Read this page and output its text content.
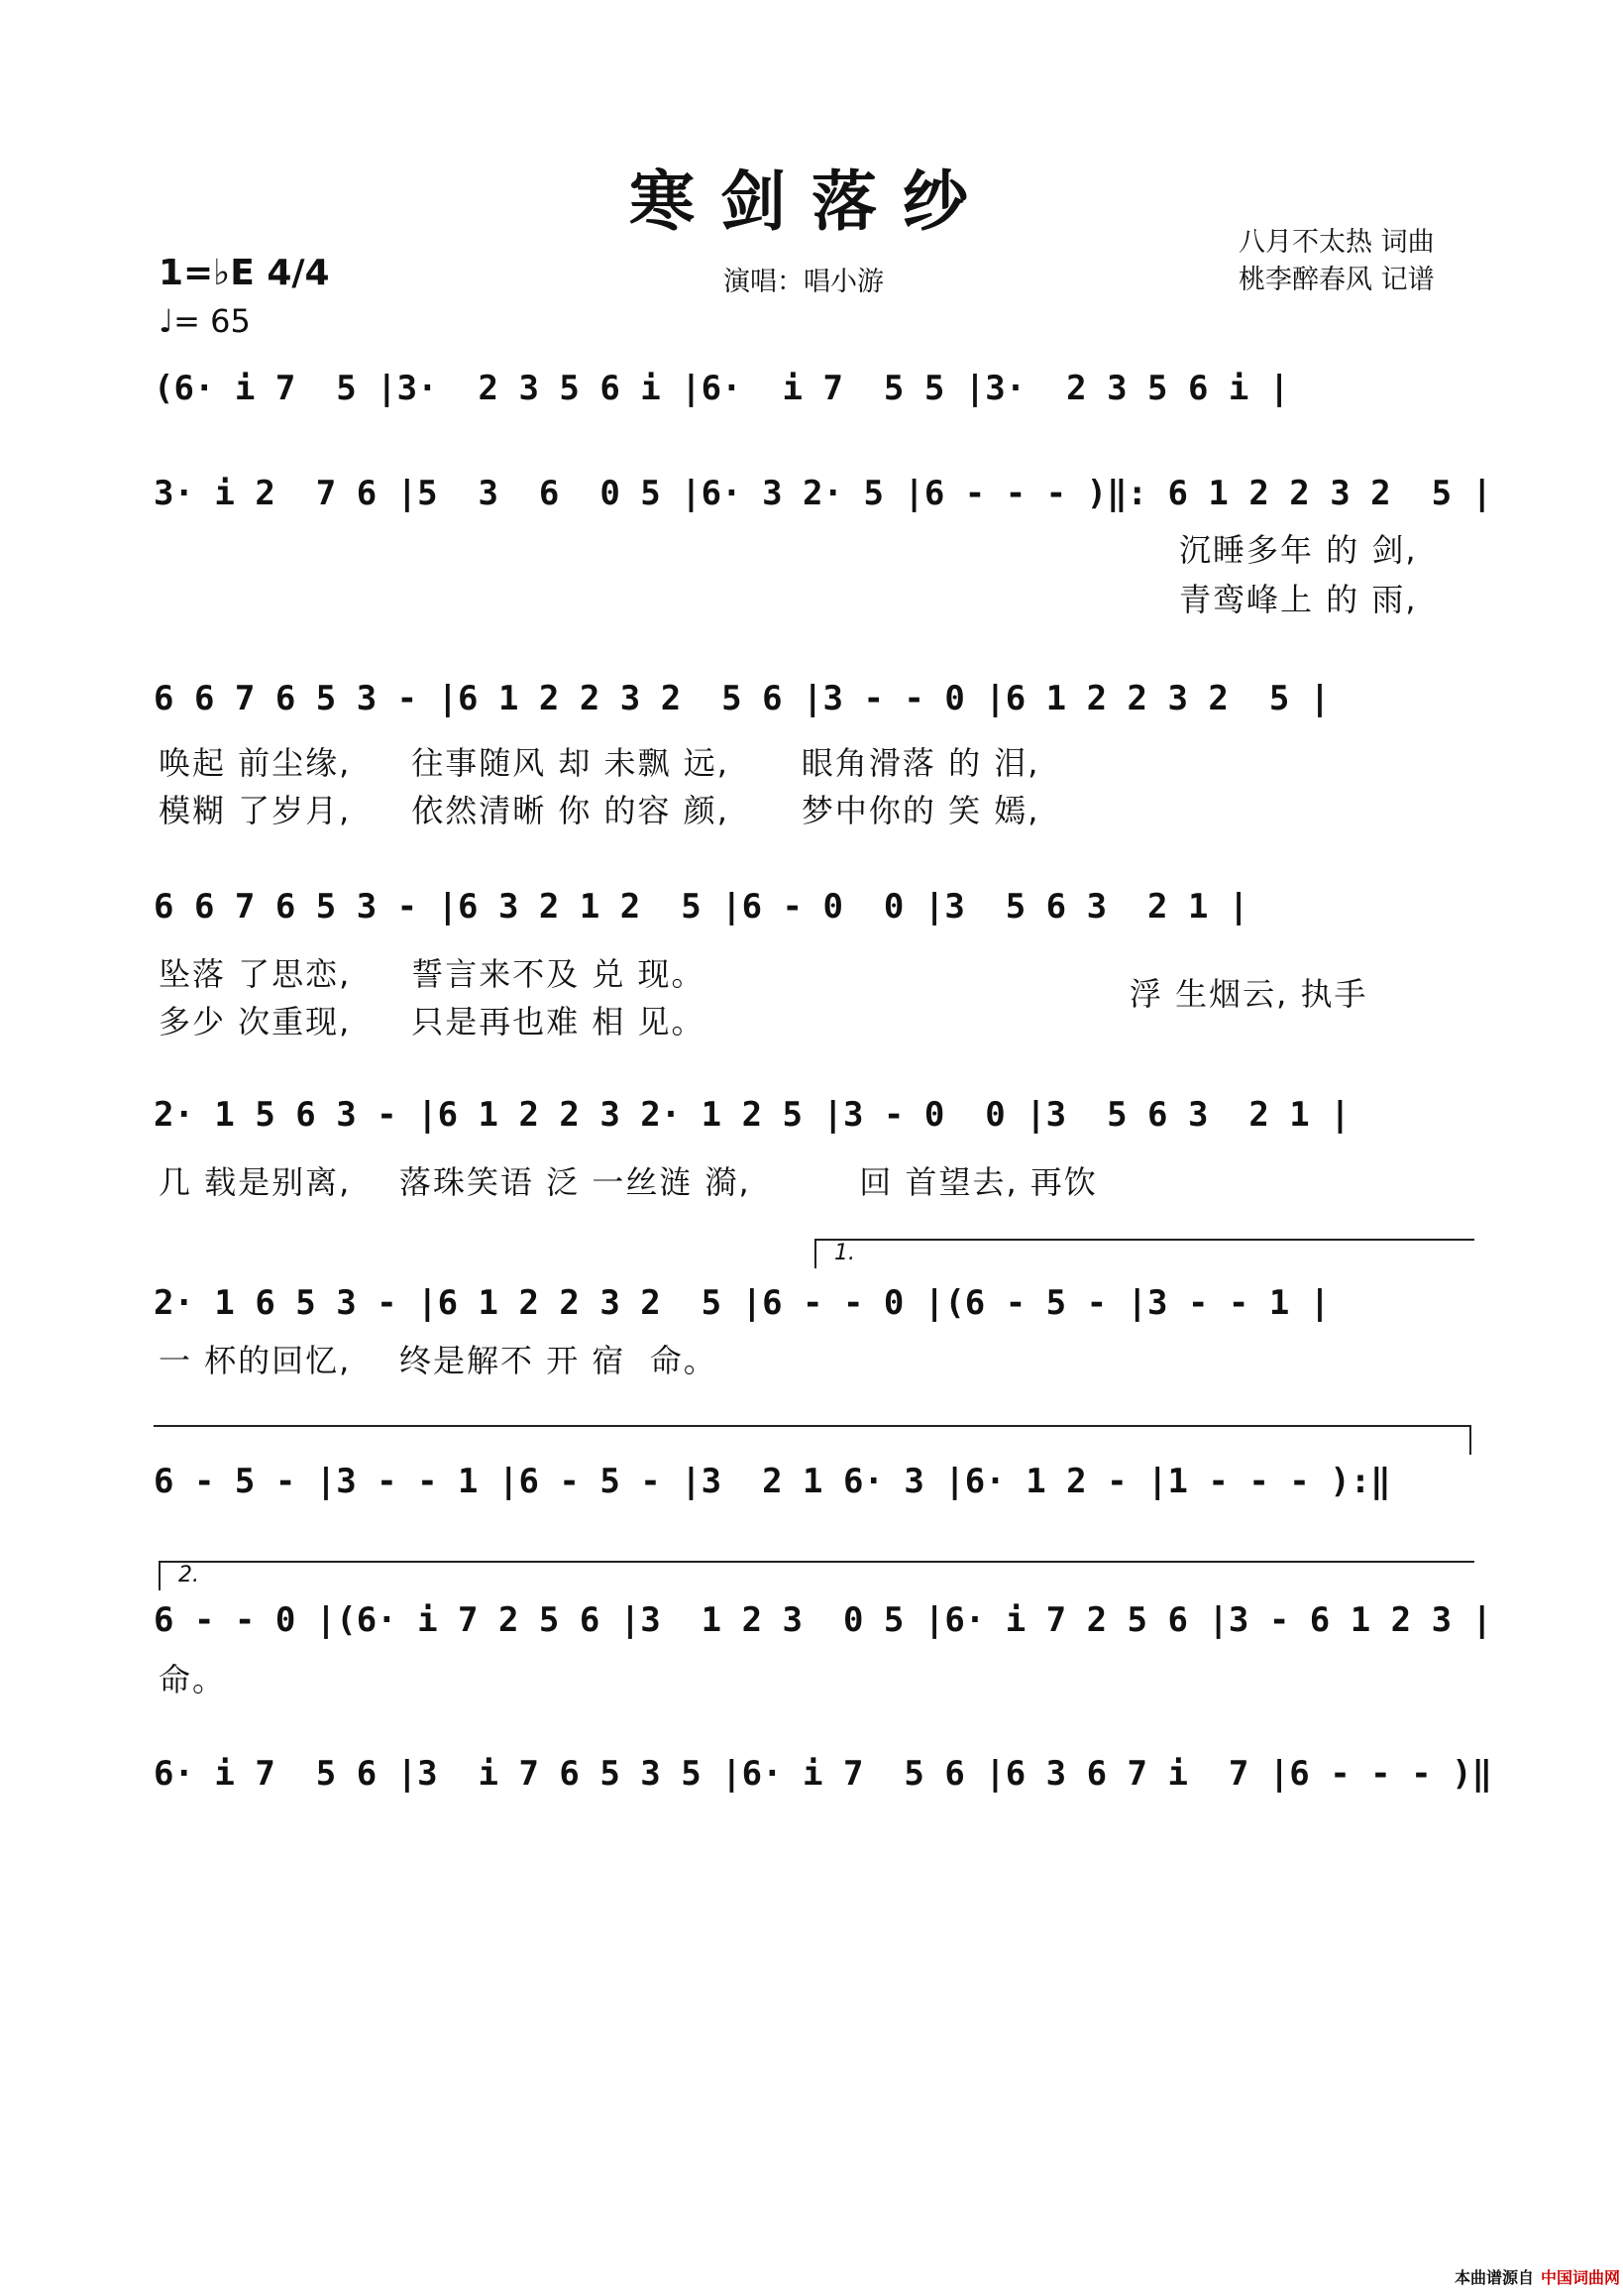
寒剑落纱
八月不太热 词曲
桃李醉春风 记谱
演唱：唱小游
1=♭E 4/4
♩= 65
(6· i 7  5 |3·  2 3 5 6 i |6·  i 7  5 5 |3·  2 3 5 6 i |
3· i 2  7 6 |5  3  6  0 5 |6· 3 2· 5 |6 - - - )‖: 6 1 2 2 3 2  5 |
沉睡多年 的 剑,
青鸾峰上 的 雨,
6 6 7 6 5 3 - |6 1 2 2 3 2  5 6 |3 - - 0 |6 1 2 2 3 2  5 |
唤起 前尘缘,     往事随风 却 未飘 远,      眼角滑落 的 泪,
模糊 了岁月,     依然清晰 你 的容 颜,      梦中你的 笑 嫣,
6 6 7 6 5 3 - |6 3 2 1 2  5 |6 - 0  0 |3  5 6 3  2 1 |
坠落 了思恋,     誓言来不及 兑 现。
多少 次重现,     只是再也难 相 见。
浮 生烟云, 执手
2· 1 5 6 3 - |6 1 2 2 3 2· 1 2 5 |3 - 0  0 |3  5 6 3  2 1 |
几 载是别离,    落珠笑语 泛 一丝涟 漪,         回 首望去, 再饮
1.
2· 1 6 5 3 - |6 1 2 2 3 2  5 |6 - - 0 |(6 - 5 - |3 - - 1 |
一 杯的回忆,    终是解不 开 宿  命。
6 - 5 - |3 - - 1 |6 - 5 - |3  2 1 6· 3 |6· 1 2 - |1 - - - ):‖
2.
6 - - 0 |(6· i 7 2 5 6 |3  1 2 3  0 5 |6· i 7 2 5 6 |3 - 6 1 2 3 |
命。
6· i 7  5 6 |3  i 7 6 5 3 5 |6· i 7  5 6 |6 3 6 7 i  7 |6 - - - )‖
本曲谱源自 中国词曲网
